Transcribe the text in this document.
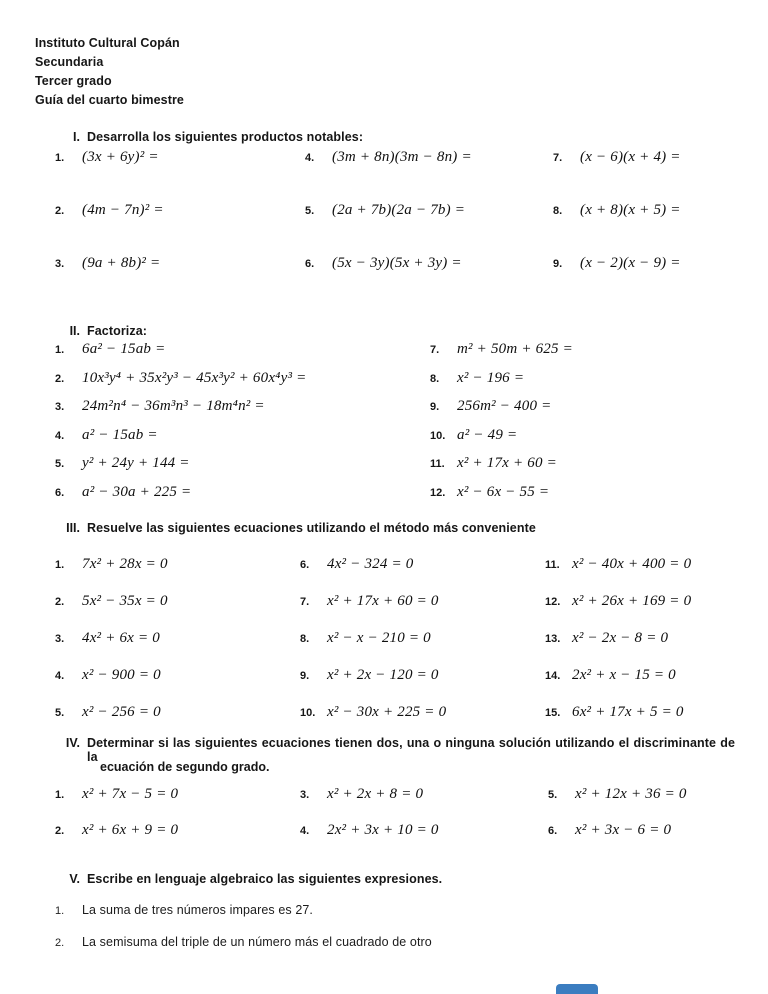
Instituto Cultural Copán
Secundaria
Tercer grado
Guía del cuarto bimestre
I. Desarrolla los siguientes productos notables:
1.	(3x + 6y)² =
2.	(4m − 7n)² =
3.	(9a + 8b)² =
4.	(3m + 8n)(3m − 8n) =
5.	(2a + 7b)(2a − 7b) =
6.	(5x − 3y)(5x + 3y) =
7.	(x − 6)(x + 4) =
8.	(x + 8)(x + 5) =
9.	(x − 2)(x − 9) =
II. Factoriza:
1.	6a² − 15ab =
2.	10x³y⁴ + 35x²y³ − 45x³y² + 60x⁴y³ =
3.	24m²n⁴ − 36m³n³ − 18m⁴n² =
4.	a² − 15ab =
5.	y² + 24y + 144 =
6.	a² − 30a + 225 =
7.	m² + 50m + 625 =
8.	x² − 196 =
9.	256m² − 400 =
10. a² − 49 =
11. x² + 17x + 60 =
12. x² − 6x − 55 =
III. Resuelve las siguientes ecuaciones utilizando el método más conveniente
1.	7x² + 28x = 0
2.	5x² − 35x = 0
3.	4x² + 6x = 0
4.	x² − 900 = 0
5.	x² − 256 = 0
6.	4x² − 324 = 0
7.	x² + 17x + 60 = 0
8.	x² − x − 210 = 0
9.	x² + 2x − 120 = 0
10. x² − 30x + 225 = 0
11. x² − 40x + 400 = 0
12. x² + 26x + 169 = 0
13. x² − 2x − 8 = 0
14. 2x² + x − 15 = 0
15. 6x² + 17x + 5 = 0
IV. Determinar si las siguientes ecuaciones tienen dos, una o ninguna solución utilizando el discriminante de la
ecuación de segundo grado.
1.	x² + 7x − 5 = 0
2.	x² + 6x + 9 = 0
3.	x² + 2x + 8 = 0
4.	2x² + 3x + 10 = 0
5.	x² + 12x + 36 = 0
6.	x² + 3x − 6 = 0
V. Escribe en lenguaje algebraico las siguientes expresiones.
1.	La suma de tres números impares es 27.
2.	La semisuma del triple de un número más el cuadrado de otro
